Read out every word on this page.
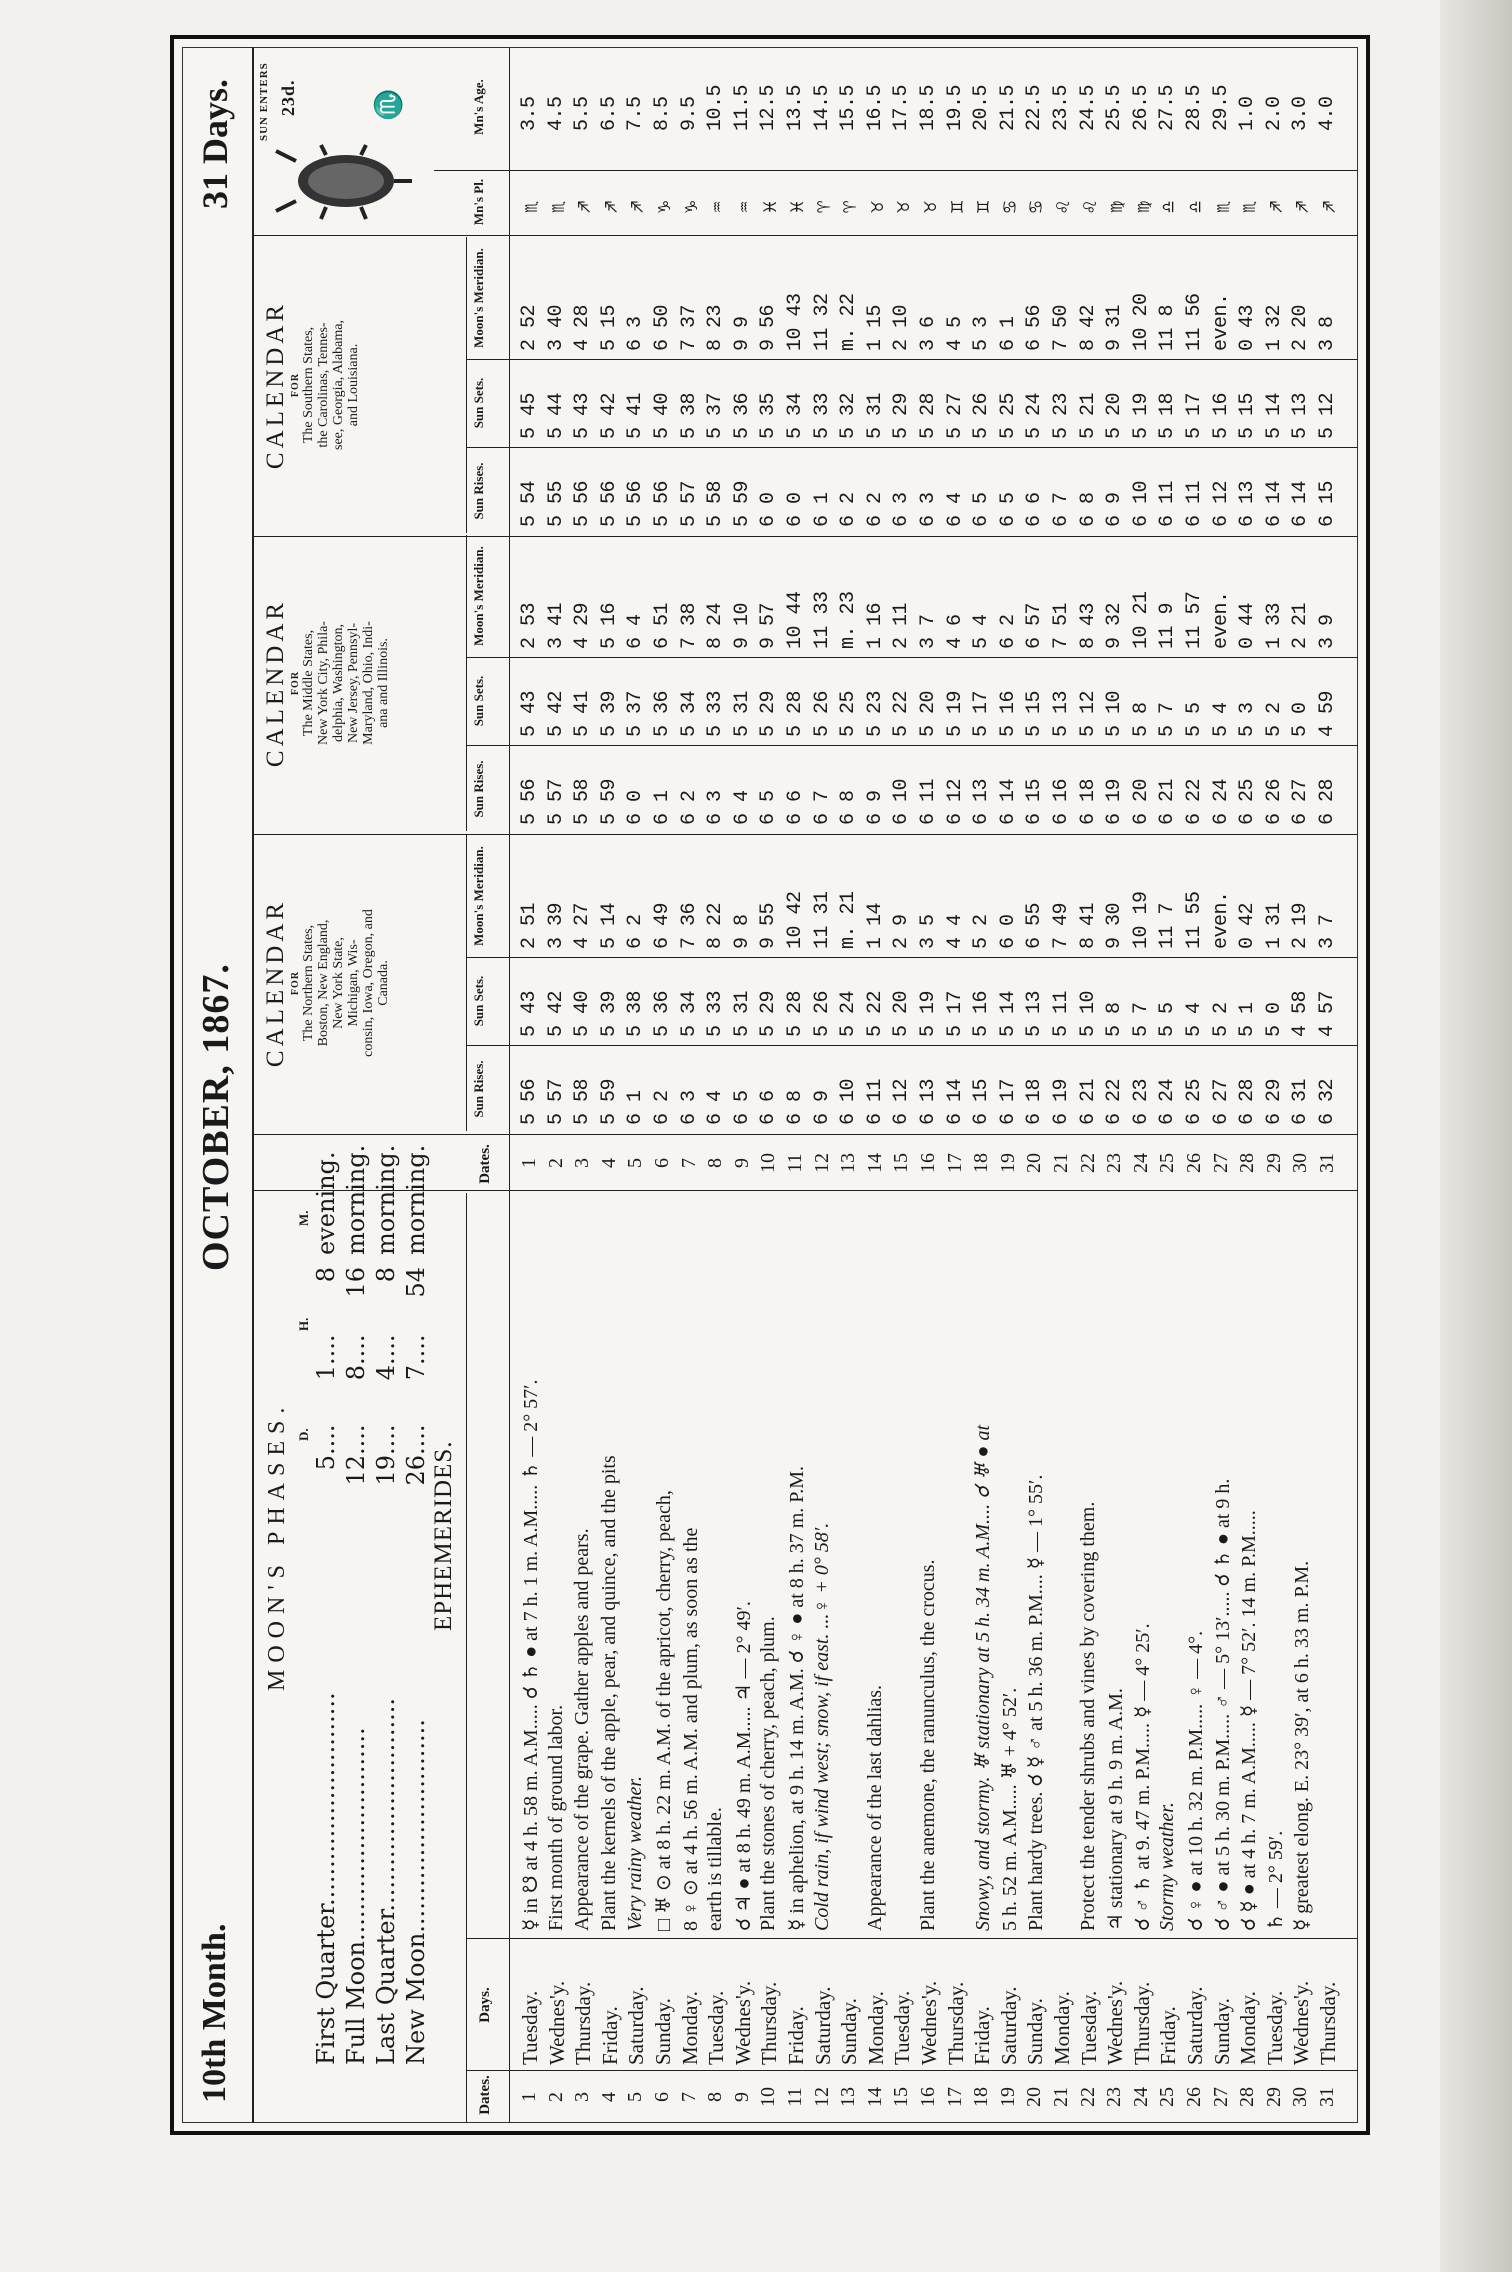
10th Month.
OCTOBER, 1867.
31 Days.
MOON'S PHASES. D.
H.
M.
First Quarter............................5....1....8evening.
Full Moon............................12....8....16morning.
Last Quarter............................19....4....8morning.
New Moon............................26....7....54morning.
EPHEMERIDES.
Dates.
Days.
1
Tuesday.
☿ in ☋ at 4 h. 58 m. A.M..... ☌ ♄ ● at 7 h. 1 m. A.M..... ♄ — 2° 57′.
2
Wednes'y.
First month of ground labor.
3
Thursday.
Appearance of the grape. Gather apples and pears.
4
Friday.
Plant the kernels of the apple, pear, and quince, and the pits
5
Saturday.
Very rainy weather.
6
Sunday.
□ ♅ ⊙ at 8 h. 22 m. A.M. of the apricot, cherry, peach,
7
Monday.
8 ♀ ⊙ at 4 h. 56 m. A.M. and plum, as soon as the
8
Tuesday.
earth is tillable.
9
Wednes'y.
☌ ♃ ● at 8 h. 49 m. A.M..... ♃ — 2° 49′.
10
Thursday.
Plant the stones of cherry, peach, plum.
11
Friday.
☿ in aphelion, at 9 h. 14 m. A.M. ☌ ♀ ● at 8 h. 37 m. P.M.
12
Saturday.
Cold rain, if wind west; snow, if east. ...♀ + 0° 58′.
13
Sunday.
14
Monday.
Appearance of the last dahlias.
15
Tuesday.
16
Wednes'y.
Plant the anemone, the ranunculus, the crocus.
17
Thursday.
18
Friday.
Snowy, and stormy. ♅ stationary at 5 h. 34 m. A.M.... ☌ ♅ ● at
19
Saturday.
5 h. 52 m. A.M..... ♅ + 4° 52′.
20
Sunday.
Plant hardy trees. ☌ ☿ ♂ at 5 h. 36 m. P.M.... ☿ — 1° 55′.
21
Monday.
22
Tuesday.
Protect the tender shrubs and vines by covering them.
23
Wednes'y.
♃ stationary at 9 h. 9 m. A.M.
24
Thursday.
☌ ♂ ♄ at 9. 47 m. P.M..... ☿ — 4° 25′.
25
Friday.
Stormy weather.
26
Saturday.
☌ ♀ ● at 10 h. 32 m. P.M..... ♀ — 4°.
27
Sunday.
☌ ♂ ● at 5 h. 30 m. P.M..... ♂ — 5° 13′..... ☌ ♄ ● at 9 h.
28
Monday.
☌ ☿ ● at 4 h. 7 m. A.M..... ☿ — 7° 52′. 14 m. P.M.....
29
Tuesday.
♄ — 2° 59′.
30
Wednes'y.
☿ greatest elong. E. 23° 39′, at 6 h. 33 m. P.M.
31
Thursday.
Dates. 1 2 3 4 5 6 7 8 9 10 11 12 13 14 15 16 17 18 19 20 21 22 23 24 25 26 27 28 29 30 31
CALENDAR FOR The Northern States, Boston, New England, New York State, Michigan, Wis- consin, Iowa, Oregon, and Canada.
Sun Rises.
Sun Sets.
Moon's Meridian.
5 56
5 43
2 51
5 57
5 42
3 39
5 58
5 40
4 27
5 59
5 39
5 14
6 1
5 38
6 2
6 2
5 36
6 49
6 3
5 34
7 36
6 4
5 33
8 22
6 5
5 31
9 8
6 6
5 29
9 55
6 8
5 28
10 42
6 9
5 26
11 31
6 10
5 24
m. 21
6 11
5 22
1 14
6 12
5 20
2 9
6 13
5 19
3 5
6 14
5 17
4 4
6 15
5 16
5 2
6 17
5 14
6 0
6 18
5 13
6 55
6 19
5 11
7 49
6 21
5 10
8 41
6 22
5 8
9 30
6 23
5 7
10 19
6 24
5 5
11 7
6 25
5 4
11 55
6 27
5 2
even.
6 28
5 1
0 42
6 29
5 0
1 31
6 31
4 58
2 19
6 32
4 57
3 7
CALENDAR FOR The Middle States, New York City, Phila- delphia, Washington, New Jersey, Pennsyl- Maryland, Ohio, Indi- ana and Illinois.
Sun Rises.
Sun Sets.
Moon's Meridian.
5 56
5 43
2 53
5 57
5 42
3 41
5 58
5 41
4 29
5 59
5 39
5 16
6 0
5 37
6 4
6 1
5 36
6 51
6 2
5 34
7 38
6 3
5 33
8 24
6 4
5 31
9 10
6 5
5 29
9 57
6 6
5 28
10 44
6 7
5 26
11 33
6 8
5 25
m. 23
6 9
5 23
1 16
6 10
5 22
2 11
6 11
5 20
3 7
6 12
5 19
4 6
6 13
5 17
5 4
6 14
5 16
6 2
6 15
5 15
6 57
6 16
5 13
7 51
6 18
5 12
8 43
6 19
5 10
9 32
6 20
5 8
10 21
6 21
5 7
11 9
6 22
5 5
11 57
6 24
5 4
even.
6 25
5 3
0 44
6 26
5 2
1 33
6 27
5 0
2 21
6 28
4 59
3 9
CALENDAR FOR The Southern States, the Carolinas, Tennes- see, Georgia, Alabama, and Louisiana.
Sun Rises.
Sun Sets.
Moon's Meridian.
5 54
5 45
2 52
5 55
5 44
3 40
5 56
5 43
4 28
5 56
5 42
5 15
5 56
5 41
6 3
5 56
5 40
6 50
5 57
5 38
7 37
5 58
5 37
8 23
5 59
5 36
9 9
6 0
5 35
9 56
6 0
5 34
10 43
6 1
5 33
11 32
6 2
5 32
m. 22
6 2
5 31
1 15
6 3
5 29
2 10
6 3
5 28
3 6
6 4
5 27
4 5
6 5
5 26
5 3
6 5
5 25
6 1
6 6
5 24
6 56
6 7
5 23
7 50
6 8
5 21
8 42
6 9
5 20
9 31
6 10
5 19
10 20
6 11
5 18
11 8
6 11
5 17
11 56
6 12
5 16
even.
6 13
5 15
0 43
6 14
5 14
1 32
6 14
5 13
2 20
6 15
5 12
3 8
SUN ENTERS 23d.	♏
Mn's Pl.
Mn's Age.
♏
3.5
♏
4.5
♐
5.5
♐
6.5
♐
7.5
♑
8.5
♑
9.5
♒
10.5
♒
11.5
♓
12.5
♓
13.5
♈
14.5
♈
15.5
♉
16.5
♉
17.5
♉
18.5
♊
19.5
♊
20.5
♋
21.5
♋
22.5
♌
23.5
♌
24.5
♍
25.5
♍
26.5
♎
27.5
♎
28.5
♏
29.5
♏
1.0
♐
2.0
♐
3.0
♐
4.0
